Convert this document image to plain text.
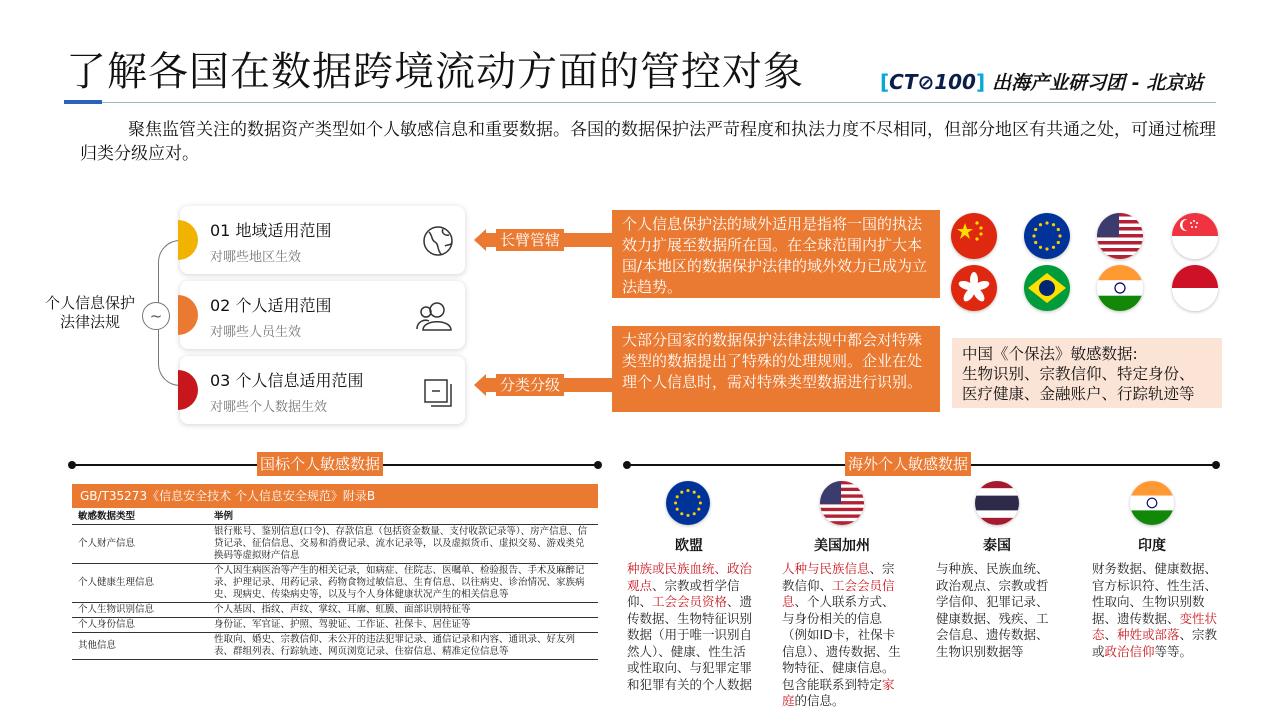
了解各国在数据跨境流动方面的管控对象	[CT⊘100] 出海产业研习团 - 北京站
聚焦监管关注的数据资产类型如个人敏感信息和重要数据。各国的数据保护法严苛程度和执法力度不尽相同，但部分地区有共通之处，可通过梳理归类分级应对。
个人信息保护法律法规	~
01 地域适用范围
对哪些地区生效
02 个人适用范围
对哪些人员生效
03 个人信息适用范围
对哪些个人数据生效
长臂管辖
分类分级
个人信息保护法的域外适用是指将一国的执法效力扩展至数据所在国。在全球范围内扩大本国/本地区的数据保护法律的域外效力已成为立法趋势。
大部分国家的数据保护法律法规中都会对特殊类型的数据提出了特殊的处理规则。企业在处理个人信息时，需对特殊类型数据进行识别。
中国《个保法》敏感数据:
生物识别、宗教信仰、特定身份、
医疗健康、金融账户、行踪轨迹等
国标个人敏感数据
GB/T35273《信息安全技术 个人信息安全规范》附录B
敏感数据类型	举例
个人财产信息	银行账号、鉴别信息(口令)、存款信息（包括资金数量、支付收款记录等）、房产信息、信贷记录、征信信息、交易和消费记录、流水记录等，以及虚拟货币、虚拟交易、游戏类兑换码等虚拟财产信息
个人健康生理信息	个人因生病医治等产生的相关记录，如病症、住院志、医嘱单、检验报告、手术及麻醉记录、护理记录、用药记录、药物食物过敏信息、生育信息、以往病史、诊治情况、家族病史、现病史、传染病史等，以及与个人身体健康状况产生的相关信息等
个人生物识别信息	个人基因、指纹、声纹、掌纹、耳廓、虹膜、面部识别特征等
个人身份信息	身份证、军官证、护照、驾驶证、工作证、社保卡、居住证等
其他信息	性取向、婚史、宗教信仰、未公开的违法犯罪记录、通信记录和内容、通讯录、好友列表、群组列表、行踪轨迹、网页浏览记录、住宿信息、精准定位信息等
海外个人敏感数据
欧盟
种族或民族血统、政治观点、宗教或哲学信仰、工会会员资格、遗传数据、生物特征识别数据（用于唯一识别自然人）、健康、性生活或性取向、与犯罪定罪和犯罪有关的个人数据
美国加州
人种与民族信息、宗教信仰、工会会员信息、个人联系方式、与身份相关的信息（例如ID卡，社保卡信息）、遗传数据、生物特征、健康信息。包含能联系到特定家庭的信息。
泰国
与种族、民族血统、政治观点、宗教或哲学信仰、犯罪记录、健康数据、残疾、工会信息、遗传数据、生物识别数据等
印度
财务数据、健康数据、官方标识符、性生活、性取向、生物识别数据、遗传数据、变性状态、种姓或部落、宗教或政治信仰等等。
